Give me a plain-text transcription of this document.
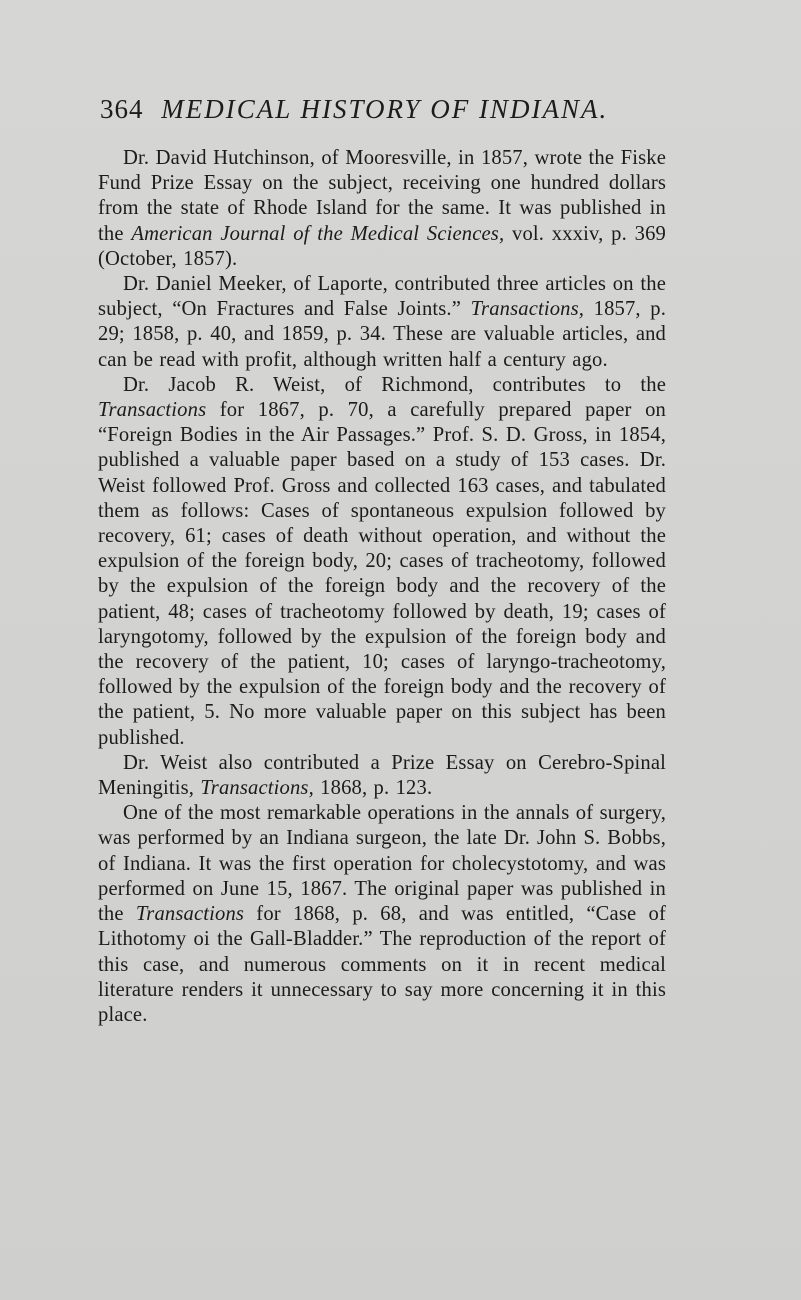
364 MEDICAL HISTORY OF INDIANA.

Dr. David Hutchinson, of Mooresville, in 1857, wrote the Fiske Fund Prize Essay on the subject, receiving one hundred dollars from the state of Rhode Island for the same. It was published in the American Journal of the Medical Sciences, vol. xxxiv, p. 369 (October, 1857).

Dr. Daniel Meeker, of Laporte, contributed three articles on the subject, “On Fractures and False Joints.” Transactions, 1857, p. 29; 1858, p. 40, and 1859, p. 34. These are valuable articles, and can be read with profit, although written half a century ago.

Dr. Jacob R. Weist, of Richmond, contributes to the Transactions for 1867, p. 70, a carefully prepared paper on “Foreign Bodies in the Air Passages.” Prof. S. D. Gross, in 1854, published a valuable paper based on a study of 153 cases. Dr. Weist followed Prof. Gross and collected 163 cases, and tabulated them as follows: Cases of spontaneous expulsion followed by recovery, 61; cases of death without operation, and without the expulsion of the foreign body, 20; cases of tracheotomy, followed by the expulsion of the foreign body and the recovery of the patient, 48; cases of tracheotomy followed by death, 19; cases of laryngotomy, followed by the expulsion of the foreign body and the recovery of the patient, 10; cases of laryngo-tracheotomy, followed by the expulsion of the foreign body and the recovery of the patient, 5. No more valuable paper on this subject has been published.

Dr. Weist also contributed a Prize Essay on Cerebro-Spinal Meningitis, Transactions, 1868, p. 123.

One of the most remarkable operations in the annals of surgery, was performed by an Indiana surgeon, the late Dr. John S. Bobbs, of Indiana. It was the first operation for cholecystotomy, and was performed on June 15, 1867. The original paper was published in the Transactions for 1868, p. 68, and was entitled, “Case of Lithotomy oi the Gall-Bladder.” The reproduction of the report of this case, and numerous comments on it in recent medical literature renders it unnecessary to say more concerning it in this place.
